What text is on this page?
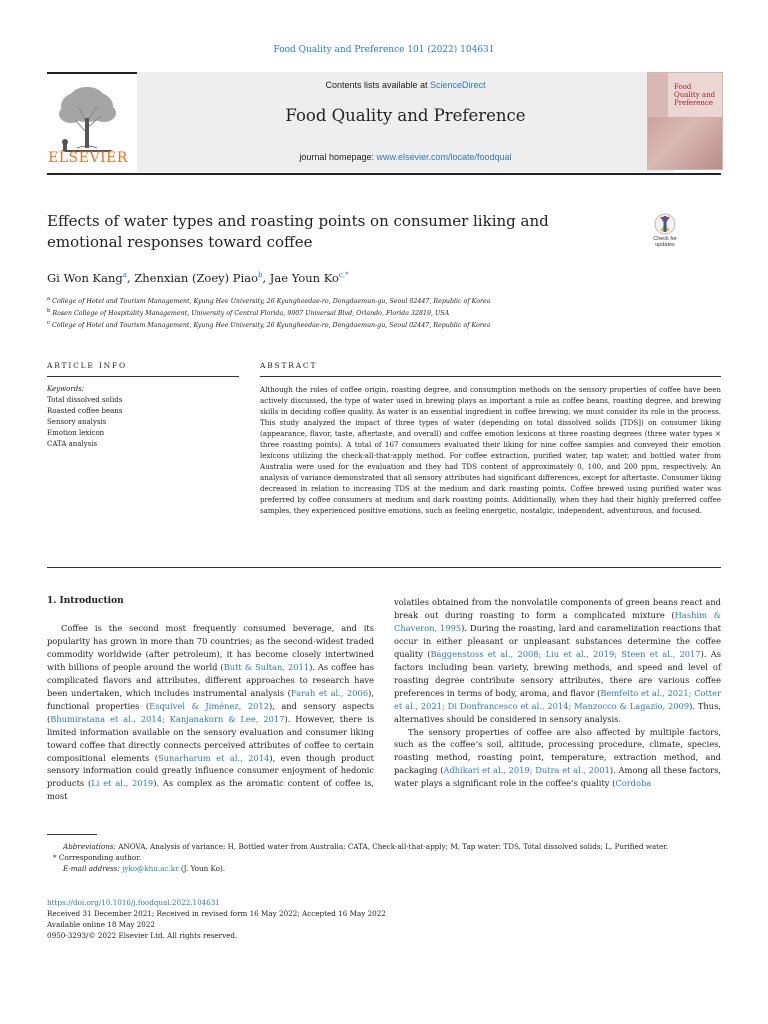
Food Quality and Preference 101 (2022) 104631
ELSEVIER
Contents lists available at ScienceDirect
Food Quality and Preference
journal homepage: www.elsevier.com/locate/foodqual
Food
Quality and
Preference
Effects of water types and roasting points on consumer liking and emotional responses toward coffee	Check for
updates
Gi Won Kang$^a$, Zhenxian (Zoey) Piao$^b$, Jae Youn $Ko^{c,*}$
$^a$ College of Hotel and Tourism Management, Kyung Hee University, 26 Kyungheedae-ro, Dongdaemun-gu, Seoul 02447, Republic of Korea
$^b$ Rosen College of Hospitality Management, University of Central Florida, 9907 Universal Blvd, Orlando, Florida 32819, USA
$^c$ College of Hotel and Tourism Management, Kyung Hee University, 26 Kyungheedae-ro, Dongdaemun-gu, Seoul 02447, Republic of Korea
ARTICLE INFO	ABSTRACT
Keywords:
Total dissolved solids
Roasted coffee beans
Sensory analysis
Emotion lexicon
CATA analysis
Although the roles of coffee origin, roasting degree, and consumption methods on the sensory properties of coffee have been actively discussed, the type of water used in brewing plays as important a role as coffee beans, roasting degree, and brewing skills in deciding coffee quality. As water is an essential ingredient in coffee brewing, we must consider its role in the process. This study analyzed the impact of three types of water (depending on total dissolved solids [TDS]) on consumer liking (appearance, flavor, taste, aftertaste, and overall) and coffee emotion lexicons at three roasting degrees (three water types × three roasting points). A total of 167 consumers evaluated their liking for nine coffee samples and conveyed their emotion lexicons utilizing the check-all-that-apply method. For coffee extraction, purified water, tap water, and bottled water from Australia were used for the evaluation and they had TDS content of approximately 0, 100, and 200 ppm, respectively. An analysis of variance demonstrated that all sensory attributes had significant differences, except for aftertaste. Consumer liking decreased in relation to increasing TDS at the medium and dark roasting points. Coffee brewed using purified water was preferred by coffee consumers at medium and dark roasting points. Additionally, when they had their highly preferred coffee samples, they experienced positive emotions, such as feeling energetic, nostalgic, independent, adventurous, and focused.
1. Introduction

Coffee is the second most frequently consumed beverage, and its popularity has grown in more than 70 countries; as the second-widest traded commodity worldwide (after petroleum), it has become closely intertwined with billions of people around the world (Butt & Sultan, 2011). As coffee has complicated flavors and attributes, different approaches to research have been undertaken, which includes instrumental analysis (Farah et al., 2006), functional properties (Esquivel & Jiménez, 2012), and sensory aspects (Bhumiratana et al., 2014; Kanjanakorn & Lee, 2017). However, there is limited information available on the sensory evaluation and consumer liking toward coffee that directly connects perceived attributes of coffee to certain compositional elements (Sunarharum et al., 2014), even though product sensory information could greatly influence consumer enjoyment of hedonic products (Li et al., 2019). As complex as the aromatic content of coffee is, most

volatiles obtained from the nonvolatile components of green beans react and break out during roasting to form a complicated mixture (Hashim & Chaveron, 1995). During the roasting, lard and caramelization reactions that occur in either pleasant or unpleasant substances determine the coffee quality (Baggenstoss et al., 2008; Liu et al., 2019; Steen et al., 2017). As factors including bean variety, brewing methods, and speed and level of roasting degree contribute sensory attributes, there are various coffee preferences in terms of body, aroma, and flavor (Bemfeito et al., 2021; Cotter et al., 2021; Di Donfrancesco et al., 2014; Manzocco & Lagazio, 2009). Thus, alternatives should be considered in sensory analysis.

The sensory properties of coffee are also affected by multiple factors, such as the coffee’s soil, altitude, processing procedure, climate, species, roasting method, roasting point, temperature, extraction method, and packaging (Adhikari et al., 2019; Dutra et al., 2001). Among all these factors, water plays a significant role in the coffee’s quality (Cordoba

Abbreviations: ANOVA, Analysis of variance; H, Bottled water from Australia; CATA, Check-all-that-apply; M, Tap water; TDS, Total dissolved solids; L, Purified water.

* Corresponding author.

E-mail address: jyko@khu.ac.kr (J. Youn Ko).

https://doi.org/10.1016/j.foodqual.2022.104631
Received 31 December 2021; Received in revised form 16 May 2022; Accepted 16 May 2022
Available online 18 May 2022
0950-3293/© 2022 Elsevier Ltd. All rights reserved.
